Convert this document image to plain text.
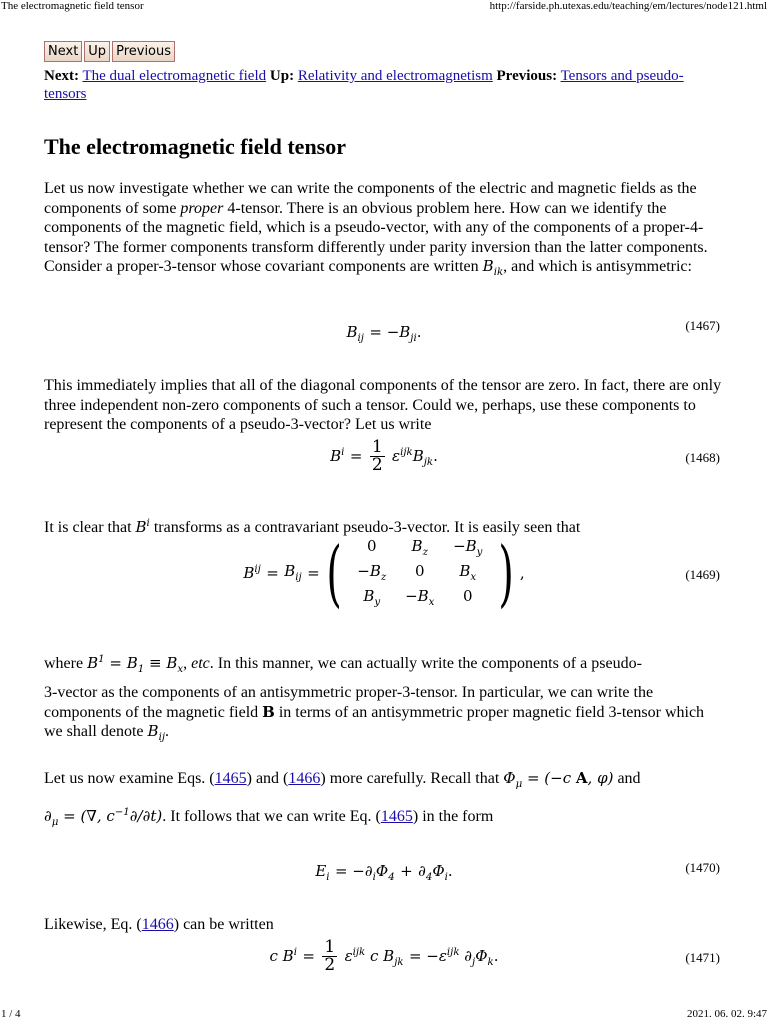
The electromagnetic field tensor	http://farside.ph.utexas.edu/teaching/em/lectures/node121.html
Next Up Previous
Next: The dual electromagnetic field Up: Relativity and electromagnetism Previous: Tensors and pseudo-tensors
The electromagnetic field tensor
Let us now investigate whether we can write the components of the electric and magnetic fields as the components of some proper 4-tensor. There is an obvious problem here. How can we identify the components of the magnetic field, which is a pseudo-vector, with any of the components of a proper-4-tensor? The former components transform differently under parity inversion than the latter components. Consider a proper-3-tensor whose covariant components are written $B_{ik}$, and which is antisymmetric:
$B_{ij} = -B_{ji}$.	(1467)
This immediately implies that all of the diagonal components of the tensor are zero. In fact, there are only three independent non-zero components of such a tensor. Could we, perhaps, use these components to represent the components of a pseudo-3-vector? Let us write
$B^i = \frac{1}{2} \varepsilon^{ijk}B_{jk}$.	(1468)
It is clear that $B^i$ transforms as a contravariant pseudo-3-vector. It is easily seen that
$B^{ij}$
=
$B_{ij}$
= (	0	$B_z$	$-B_y$
$-B_z$	0	$B_x$
$B_y$	$-B_x$	0 ) ,	(1469)
where $B^1 = B_1 \equiv B_x$, etc. In this manner, we can actually write the components of a pseudo-
3-vector as the components of an antisymmetric proper-3-tensor. In particular, we can write the components of the magnetic field B in terms of an antisymmetric proper magnetic field 3-tensor which we shall denote $B_{ij}$.
Let us now examine Eqs. (1465) and (1466) more carefully. Recall that $\Phi_\mu = (-c$ A, φ) and
$\partial_\mu$ = (∇, $c^{-1}\partial/\partial t$). It follows that we can write Eq. (1465) in the form
$E_i = -\partial_i\Phi_4 + \partial_4\Phi_i$.	(1470)
Likewise, Eq. (1466) can be written
c $B^i = \frac{1}{2} \varepsilon^{ijk}$ c $B_{jk} = -\varepsilon^{ijk}$ $\partial_j\Phi_k$.	(1471)
1 / 4	2021. 06. 02. 9:47
